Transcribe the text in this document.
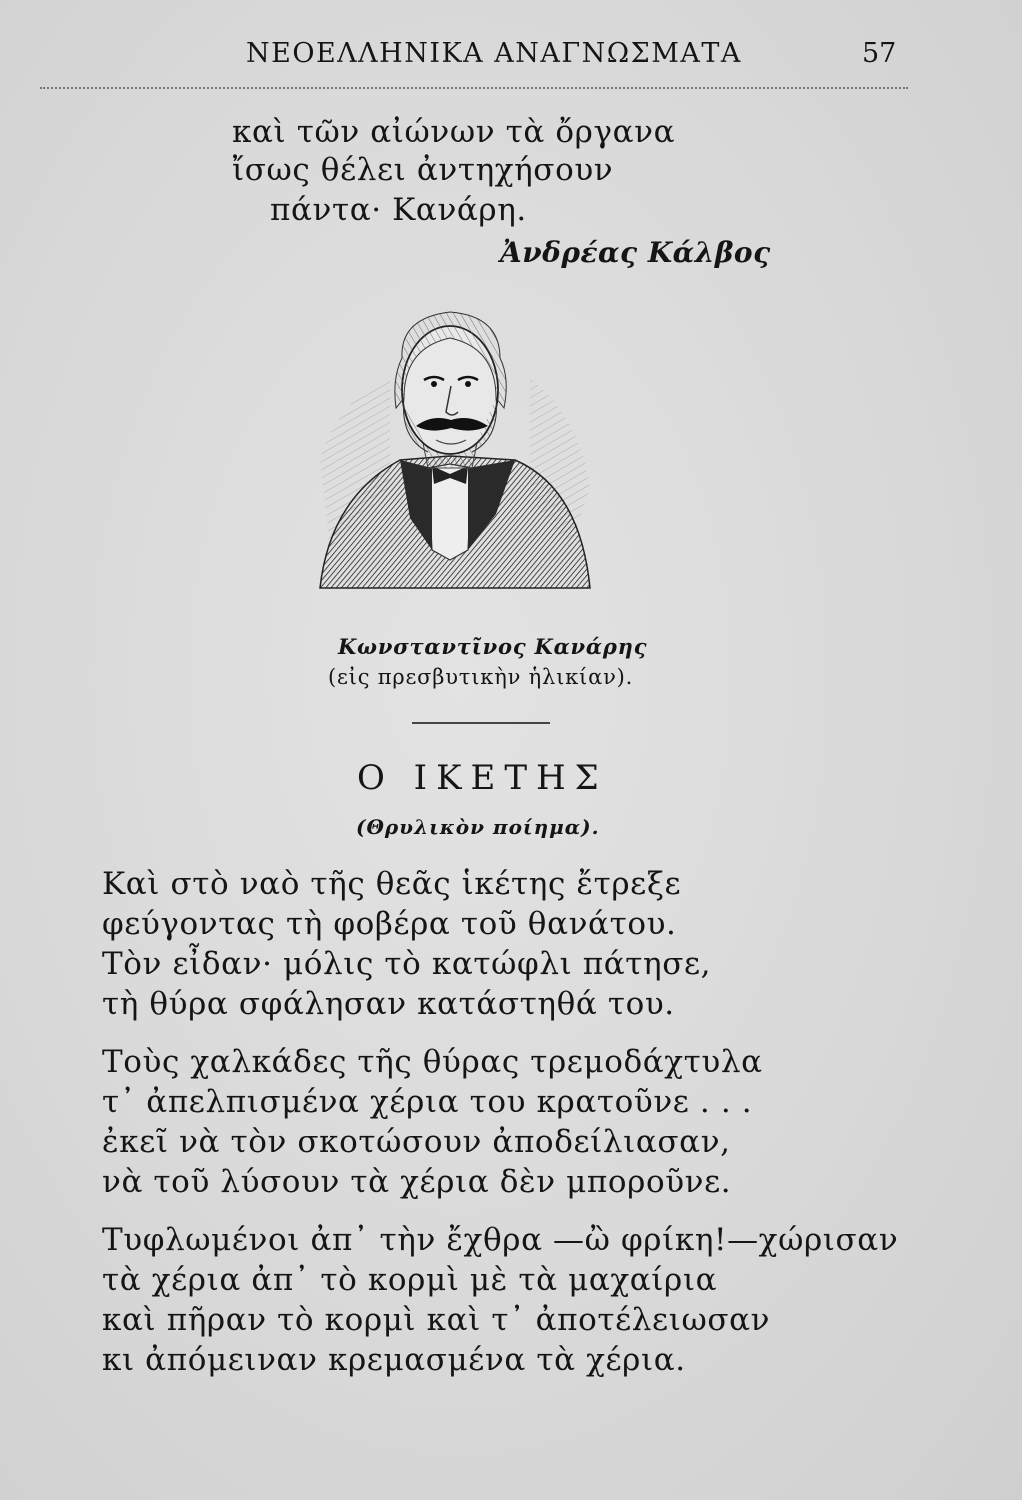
ΝΕΟΕΛΛΗΝΙΚΑ ΑΝΑΓΝΩΣΜΑΤΑ	57
καὶ τῶν αἰώνων τὰ ὄργανα
ἴσως θέλει ἀντηχήσουν
πάντα· Κανάρη.
Ἀνδρέας Κάλβος
Κωνσταντῖνος Κανάρης
(εἰς πρεσβυτικὴν ἡλικίαν).
Ο ΙΚΕΤΗΣ
(Θρυλικὸν ποίημα).
Καὶ στὸ ναὸ τῆς θεᾶς ἱκέτης ἔτρεξε
φεύγοντας τὴ φοβέρα τοῦ θανάτου.
Τὸν εἶδαν· μόλις τὸ κατώφλι πάτησε,
τὴ θύρα σφάλησαν κατάστηθά του.
Τοὺς χαλκάδες τῆς θύρας τρεμοδάχτυλα
τ᾽ ἀπελπισμένα χέρια του κρατοῦνε . . .
ἐκεῖ νὰ τὸν σκοτώσουν ἀποδείλιασαν,
νὰ τοῦ λύσουν τὰ χέρια δὲν μποροῦνε.
Τυφλωμένοι ἀπ᾽ τὴν ἔχθρα —ὢ φρίκη!—χώρισαν
τὰ χέρια ἀπ᾽ τὸ κορμὶ μὲ τὰ μαχαίρια
καὶ πῆραν τὸ κορμὶ καὶ τ᾽ ἀποτέλειωσαν
κι ἀπόμειναν κρεμασμένα τὰ χέρια.
